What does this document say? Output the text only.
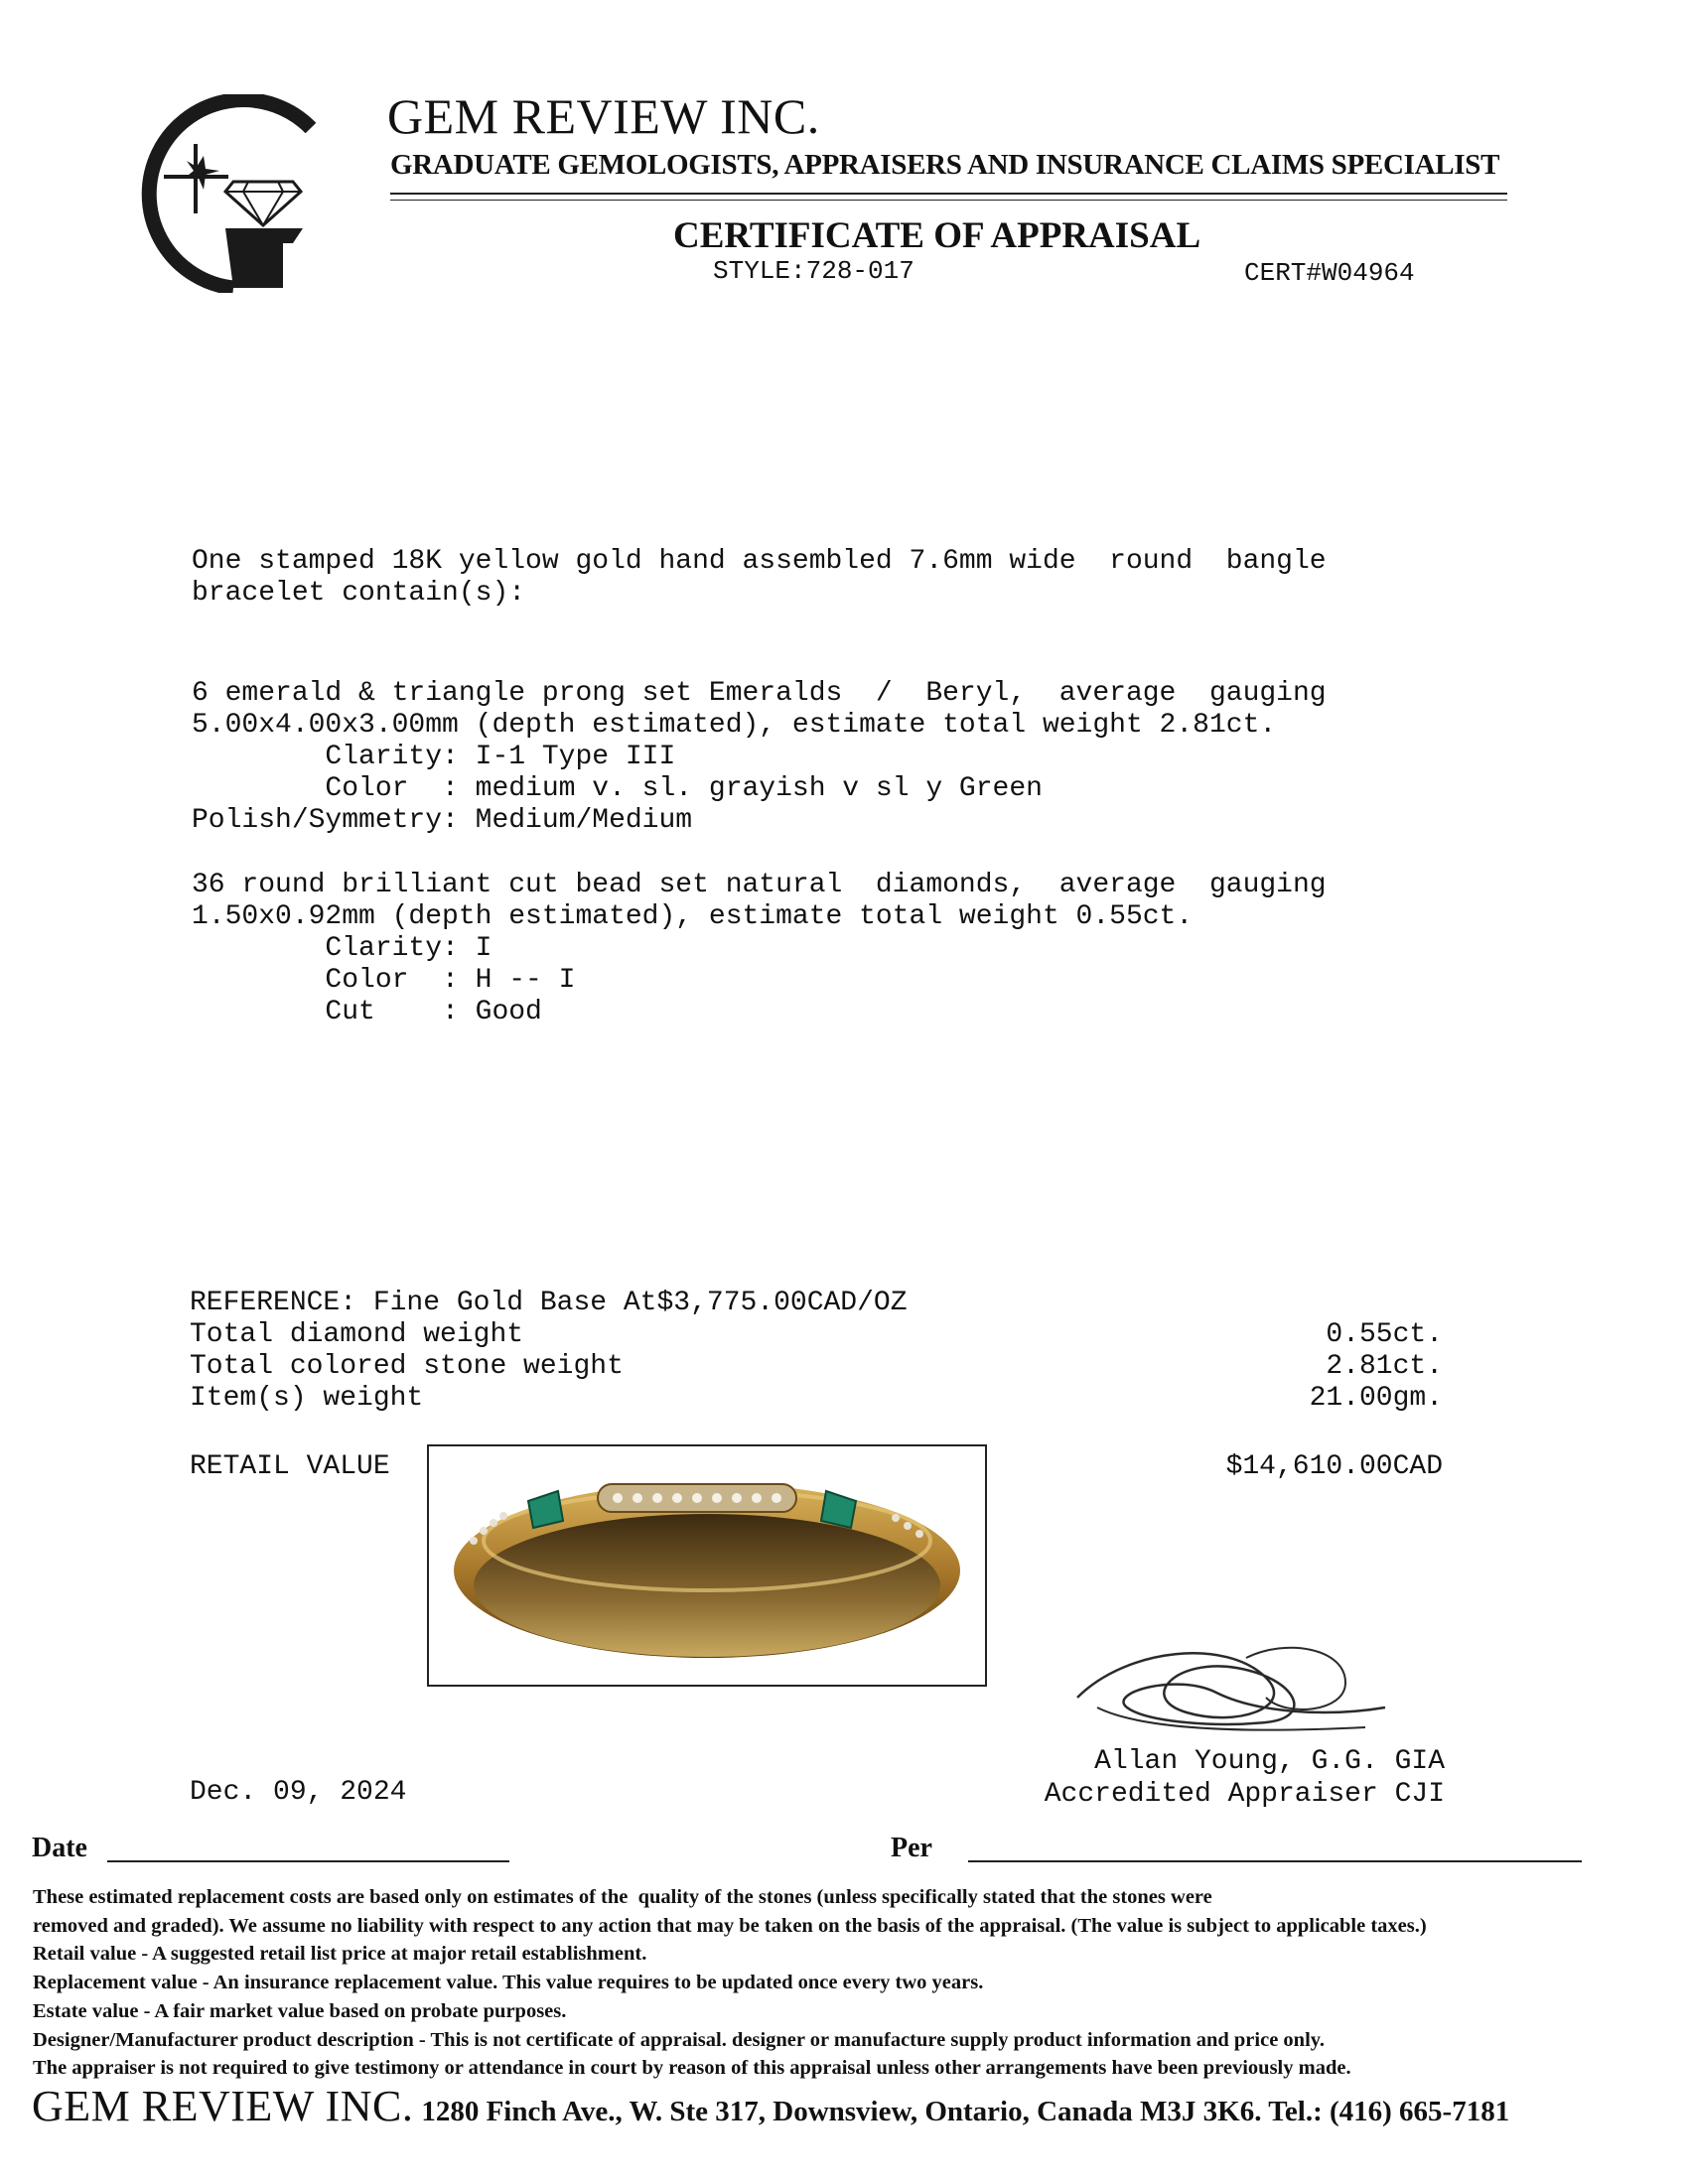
GEM REVIEW INC.
GRADUATE GEMOLOGISTS, APPRAISERS AND INSURANCE CLAIMS SPECIALIST
CERTIFICATE OF APPRAISAL
STYLE:728-017	CERT#W04964
One stamped 18K yellow gold hand assembled 7.6mm wide  round  bangle
bracelet contain(s):
6 emerald & triangle prong set Emeralds  /  Beryl,  average  gauging
5.00x4.00x3.00mm (depth estimated), estimate total weight 2.81ct.
Clarity: I-1 Type III
Color  : medium v. sl. grayish v sl y Green
Polish/Symmetry: Medium/Medium
36 round brilliant cut bead set natural  diamonds,  average  gauging
1.50x0.92mm (depth estimated), estimate total weight 0.55ct.
Clarity: I
Color  : H -- I
Cut    : Good
REFERENCE: Fine Gold Base At$3,775.00CAD/OZ
Total diamond weight	0.55ct.
Total colored stone weight	2.81ct.
Item(s) weight	21.00gm.
RETAIL VALUE	$14,610.00CAD
Dec. 09, 2024
Allan Young, G.G. GIA
Accredited Appraiser CJI
Date	Per
These estimated replacement costs are based only on estimates of the  quality of the stones (unless specifically stated that the stones were
removed and graded). We assume no liability with respect to any action that may be taken on the basis of the appraisal. (The value is subject to applicable taxes.)
Retail value - A suggested retail list price at major retail establishment.
Replacement value - An insurance replacement value. This value requires to be updated once every two years.
Estate value - A fair market value based on probate purposes.
Designer/Manufacturer product description - This is not certificate of appraisal. designer or manufacture supply product information and price only.
The appraiser is not required to give testimony or attendance in court by reason of this appraisal unless other arrangements have been previously made.
GEM REVIEW INC. 1280 Finch Ave., W. Ste 317, Downsview, Ontario, Canada M3J 3K6. Tel.: (416) 665-7181
